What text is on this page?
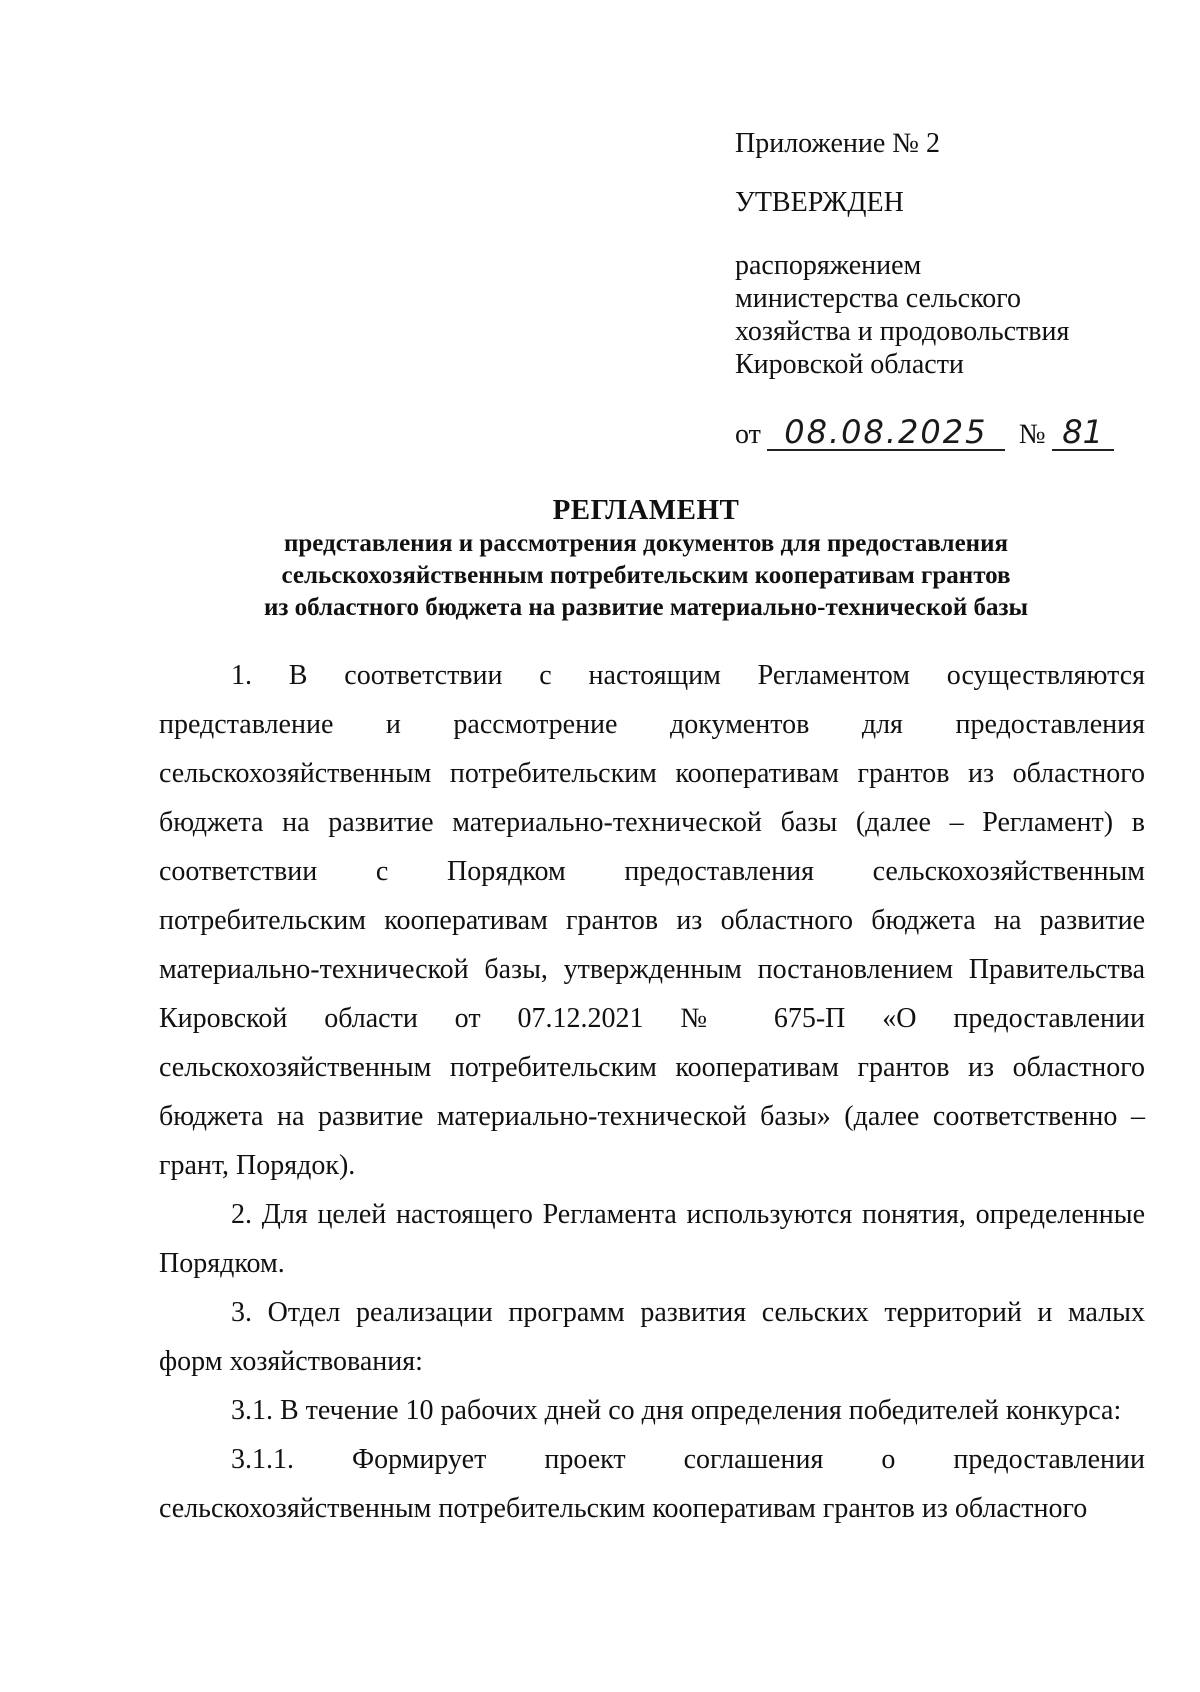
Приложение № 2
УТВЕРЖДЕН
распоряжением
министерства сельского
хозяйства и продовольствия
Кировской области
от 08.08.2025	№ 81
РЕГЛАМЕНТ
представления и рассмотрения документов для предоставления
сельскохозяйственным потребительским кооперативам грантов
из областного бюджета на развитие материально-технической базы

1. В соответствии с настоящим Регламентом осуществляются представление и рассмотрение документов для предоставления сельскохозяйственным потребительским кооперативам грантов из областного бюджета на развитие материально-технической базы (далее – Регламент) в соответствии с Порядком предоставления сельскохозяйственным потребительским кооперативам грантов из областного бюджета на развитие материально-технической базы, утвержденным постановлением Правительства Кировской области от 07.12.2021 № 675-П «О предоставлении сельскохозяйственным потребительским кооперативам грантов из областного бюджета на развитие материально-технической базы» (далее соответственно – грант, Порядок).

2. Для целей настоящего Регламента используются понятия, определенные Порядком.

3. Отдел реализации программ развития сельских территорий и малых форм хозяйствования:

3.1. В течение 10 рабочих дней со дня определения победителей конкурса:

3.1.1. Формирует проект соглашения о предоставлении сельскохозяйственным потребительским кооперативам грантов из областного
